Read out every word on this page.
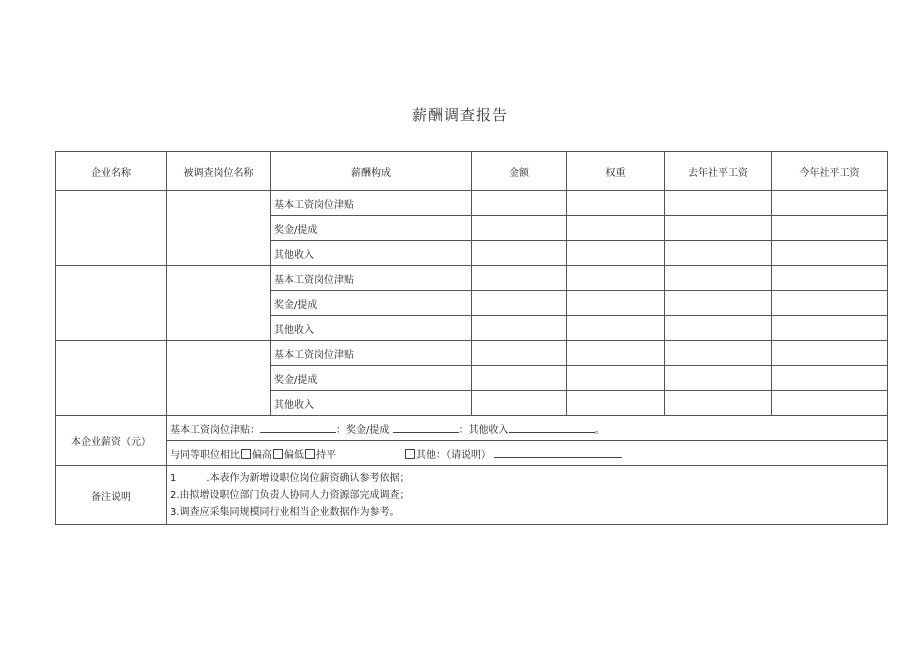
薪酬调查报告
企业名称	被调查岗位名称	薪酬构成	金额	权重	去年社平工资	今年社平工资
		基本工资岗位津贴				
		奖金/提成				
		其他收入				
		基本工资岗位津贴				
		奖金/提成				
		其他收入				
		基本工资岗位津贴				
		奖金/提成				
		其他收入				
本企业薪资（元）	基本工资岗位津贴： ：奖金/提成 ：其他收入 。					
	与同等职位相比 偏高 偏低 持平 其他：（请说明）					
备注说明	1 .本表作为新增设职位岗位薪资确认参考依据；
2.由拟增设职位部门负责人协同人力资源部完成调查；
3.调查应采集同规模同行业相当企业数据作为参考。					
